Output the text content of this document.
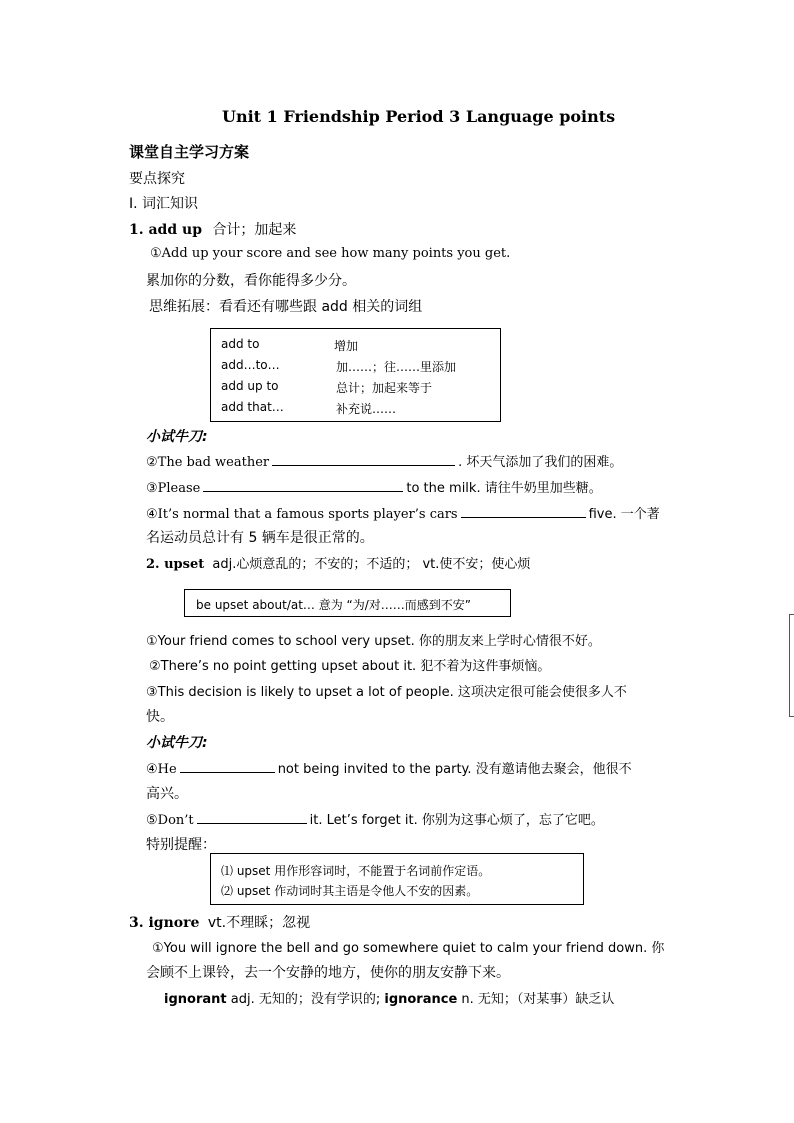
Unit 1 Friendship Period 3 Language points
课堂自主学习方案
要点探究
I. 词汇知识
1. add up 合计；加起来
①Add up your score and see how many points you get.
累加你的分数，看你能得多少分。
思维拓展：看看还有哪些跟 add 相关的词组
add to	增加
add…to…	加……；往……里添加
add up to	总计；加起来等于
add that…	补充说……
小试牛刀:
②The bad weather	. 坏天气添加了我们的困难。
③Please	to the milk. 请往牛奶里加些糖。
④It’s normal that a famous sports player’s cars	five. 一个著
名运动员总计有 5 辆车是很正常的。
2. upset adj.心烦意乱的；不安的；不适的； vt.使不安；使心烦
be upset about/at… 意为 “为/对……而感到不安”
①Your friend comes to school very upset. 你的朋友来上学时心情很不好。
②There’s no point getting upset about it. 犯不着为这件事烦恼。
③This decision is likely to upset a lot of people. 这项决定很可能会使很多人不
快。
小试牛刀:
④He	not being invited to the party. 没有邀请他去聚会，他很不
高兴。
⑤Don’t	it. Let’s forget it. 你别为这事心烦了，忘了它吧。
特别提醒：
⑴ upset 用作形容词时，不能置于名词前作定语。
⑵ upset 作动词时其主语是令他人不安的因素。
3. ignore vt.不理睬；忽视
①You will ignore the bell and go somewhere quiet to calm your friend down. 你
会顾不上课铃，去一个安静的地方，使你的朋友安静下来。
ignorant adj. 无知的；没有学识的; ignorance n. 无知；（对某事）缺乏认
